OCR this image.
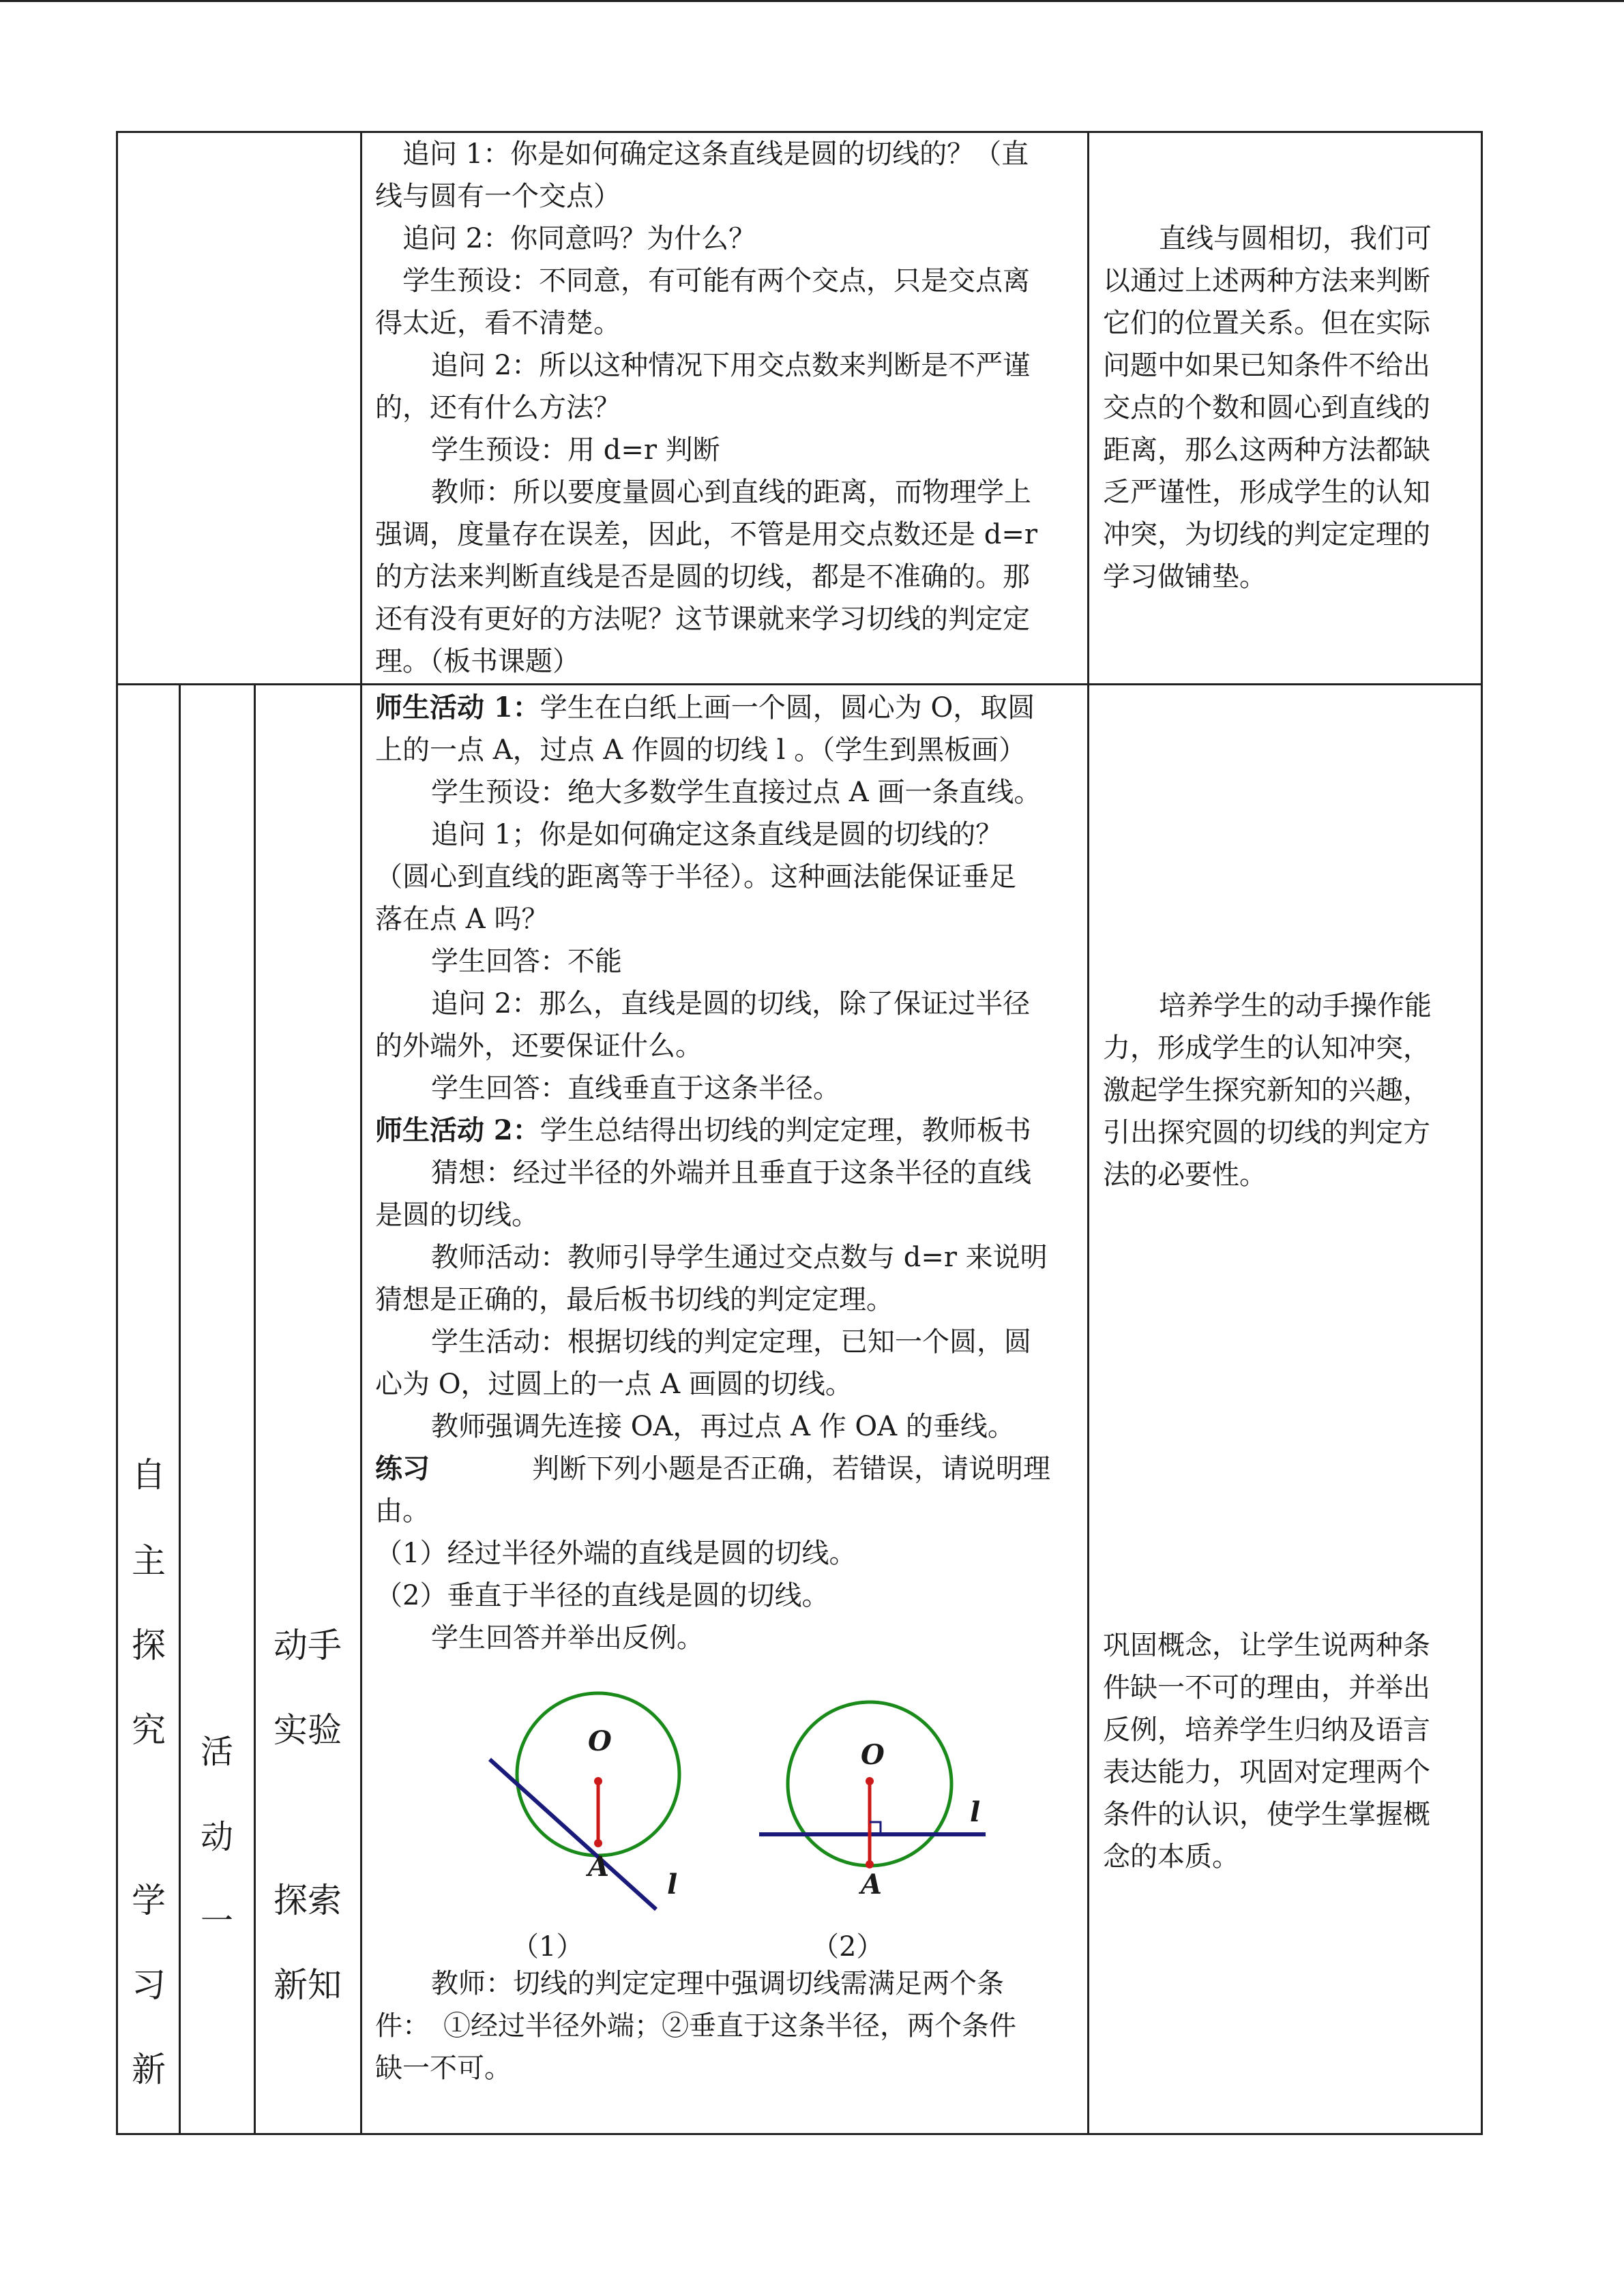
追问 1：你是如何确定这条直线是圆的切线的？（直

线与圆有一个交点）

追问 2：你同意吗？为什么？

学生预设：不同意，有可能有两个交点，只是交点离

得太近，看不清楚。

追问 2：所以这种情况下用交点数来判断是不严谨

的，还有什么方法？

学生预设：用 d=r 判断

教师：所以要度量圆心到直线的距离，而物理学上

强调，度量存在误差，因此，不管是用交点数还是 d=r

的方法来判断直线是否是圆的切线，都是不准确的。那

还有没有更好的方法呢？这节课就来学习切线的判定定

理。（板书课题）

直线与圆相切，我们可

以通过上述两种方法来判断

它们的位置关系。但在实际

问题中如果已知条件不给出

交点的个数和圆心到直线的

距离，那么这两种方法都缺

乏严谨性，形成学生的认知

冲突，为切线的判定定理的

学习做铺垫。

自
主
探
究
学
习
新
活
动
一
动手
实验
探索
新知

师生活动 1：学生在白纸上画一个圆，圆心为 O，取圆

上的一点 A，过点 A 作圆的切线 l 。（学生到黑板画）

学生预设：绝大多数学生直接过点 A 画一条直线。

追问 1；你是如何确定这条直线是圆的切线的？

（圆心到直线的距离等于半径）。这种画法能保证垂足

落在点 A 吗？

学生回答：不能

追问 2：那么，直线是圆的切线，除了保证过半径

的外端外，还要保证什么。

学生回答：直线垂直于这条半径。

师生活动 2：学生总结得出切线的判定定理，教师板书

猜想：经过半径的外端并且垂直于这条半径的直线

是圆的切线。

教师活动：教师引导学生通过交点数与 d=r 来说明

猜想是正确的，最后板书切线的判定定理。

学生活动：根据切线的判定定理，已知一个圆，圆

心为 O，过圆上的一点 A 画圆的切线。

教师强调先连接 OA，再过点 A 作 OA 的垂线。

练习	判断下列小题是否正确，若错误，请说明理

由。

（1）经过半径外端的直线是圆的切线。

（2）垂直于半径的直线是圆的切线。

学生回答并举出反例。

O
A
l
O
A
l
（1）	（2）

教师：切线的判定定理中强调切线需满足两个条

件：　①经过半径外端；②垂直于这条半径，两个条件

缺一不可。

培养学生的动手操作能

力，形成学生的认知冲突，

激起学生探究新知的兴趣，

引出探究圆的切线的判定方

法的必要性。

巩固概念，让学生说两种条

件缺一不可的理由，并举出

反例，培养学生归纳及语言

表达能力，巩固对定理两个

条件的认识，使学生掌握概

念的本质。
